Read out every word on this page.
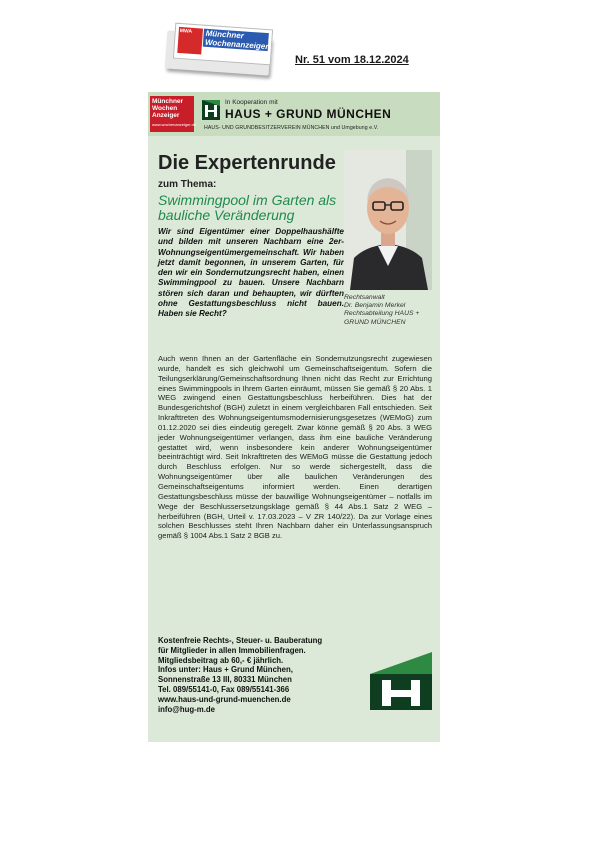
MWA	Münchner Wochenanzeiger
Nr. 51 vom 18.12.2024
Münchner
Wochen
Anzeiger
www.wochenanzeiger.de
In Kooperation mit
HAUS + GRUND MÜNCHEN
HAUS- UND GRUNDBESITZERVEREIN MÜNCHEN und Umgebung e.V.
Die Expertenrunde
zum Thema:
Swimmingpool im Garten als bauliche Veränderung
Wir sind Eigentümer einer Doppelhaushälfte und bilden mit unseren Nachbarn eine 2er-Wohnungseigentümergemeinschaft. Wir haben jetzt damit begonnen, in unserem Garten, für den wir ein Sondernutzungsrecht haben, einen Swimmingpool zu bauen. Unsere Nachbarn stören sich daran und behaupten, wir dürften ohne Gestattungsbeschluss nicht bauen. Haben sie Recht?
Rechtsanwalt
Dr. Benjamin Merkel
Rechtsabteilung HAUS +
GRUND MÜNCHEN
Auch wenn Ihnen an der Gartenfläche ein Sondernutzungsrecht zugewiesen wurde, handelt es sich gleichwohl um Gemeinschaftseigentum. Sofern die Teilungserklärung/Gemeinschaftsordnung Ihnen nicht das Recht zur Errichtung eines Swimmingpools in Ihrem Garten einräumt, müssen Sie gemäß § 20 Abs. 1 WEG zwingend einen Gestattungsbeschluss herbeiführen. Dies hat der Bundesgerichtshof (BGH) zuletzt in einem vergleichbaren Fall entschieden. Seit Inkrafttreten des Wohnungseigentumsmodernisierungsgesetzes (WEMoG) zum 01.12.2020 sei dies eindeutig geregelt. Zwar könne gemäß § 20 Abs. 3 WEG jeder Wohnungseigentümer verlangen, dass ihm eine bauliche Veränderung gestattet wird, wenn insbesondere kein anderer Wohnungseigentümer beeinträchtigt wird. Seit Inkrafttreten des WEMoG müsse die Gestattung jedoch durch Beschluss erfolgen. Nur so werde sichergestellt, dass die Wohnungseigentümer über alle baulichen Veränderungen des Gemeinschaftseigentums informiert werden. Einen derartigen Gestattungsbeschluss müsse der bauwillige Wohnungseigentümer – notfalls im Wege der Beschlussersetzungsklage gemäß § 44 Abs.1 Satz 2 WEG – herbeiführen (BGH, Urteil v. 17.03.2023 – V ZR 140/22). Da zur Vorlage eines solchen Beschlusses steht Ihren Nachbarn daher ein Unterlassungsanspruch gemäß § 1004 Abs.1 Satz 2 BGB zu.
Kostenfreie Rechts-, Steuer- u. Bauberatung
für Mitglieder in allen Immobilienfragen.
Mitgliedsbeitrag ab 60,- € jährlich.
Infos unter: Haus + Grund München,
Sonnenstraße 13 III, 80331 München
Tel. 089/55141-0, Fax 089/55141-366
www.haus-und-grund-muenchen.de
info@hug-m.de
